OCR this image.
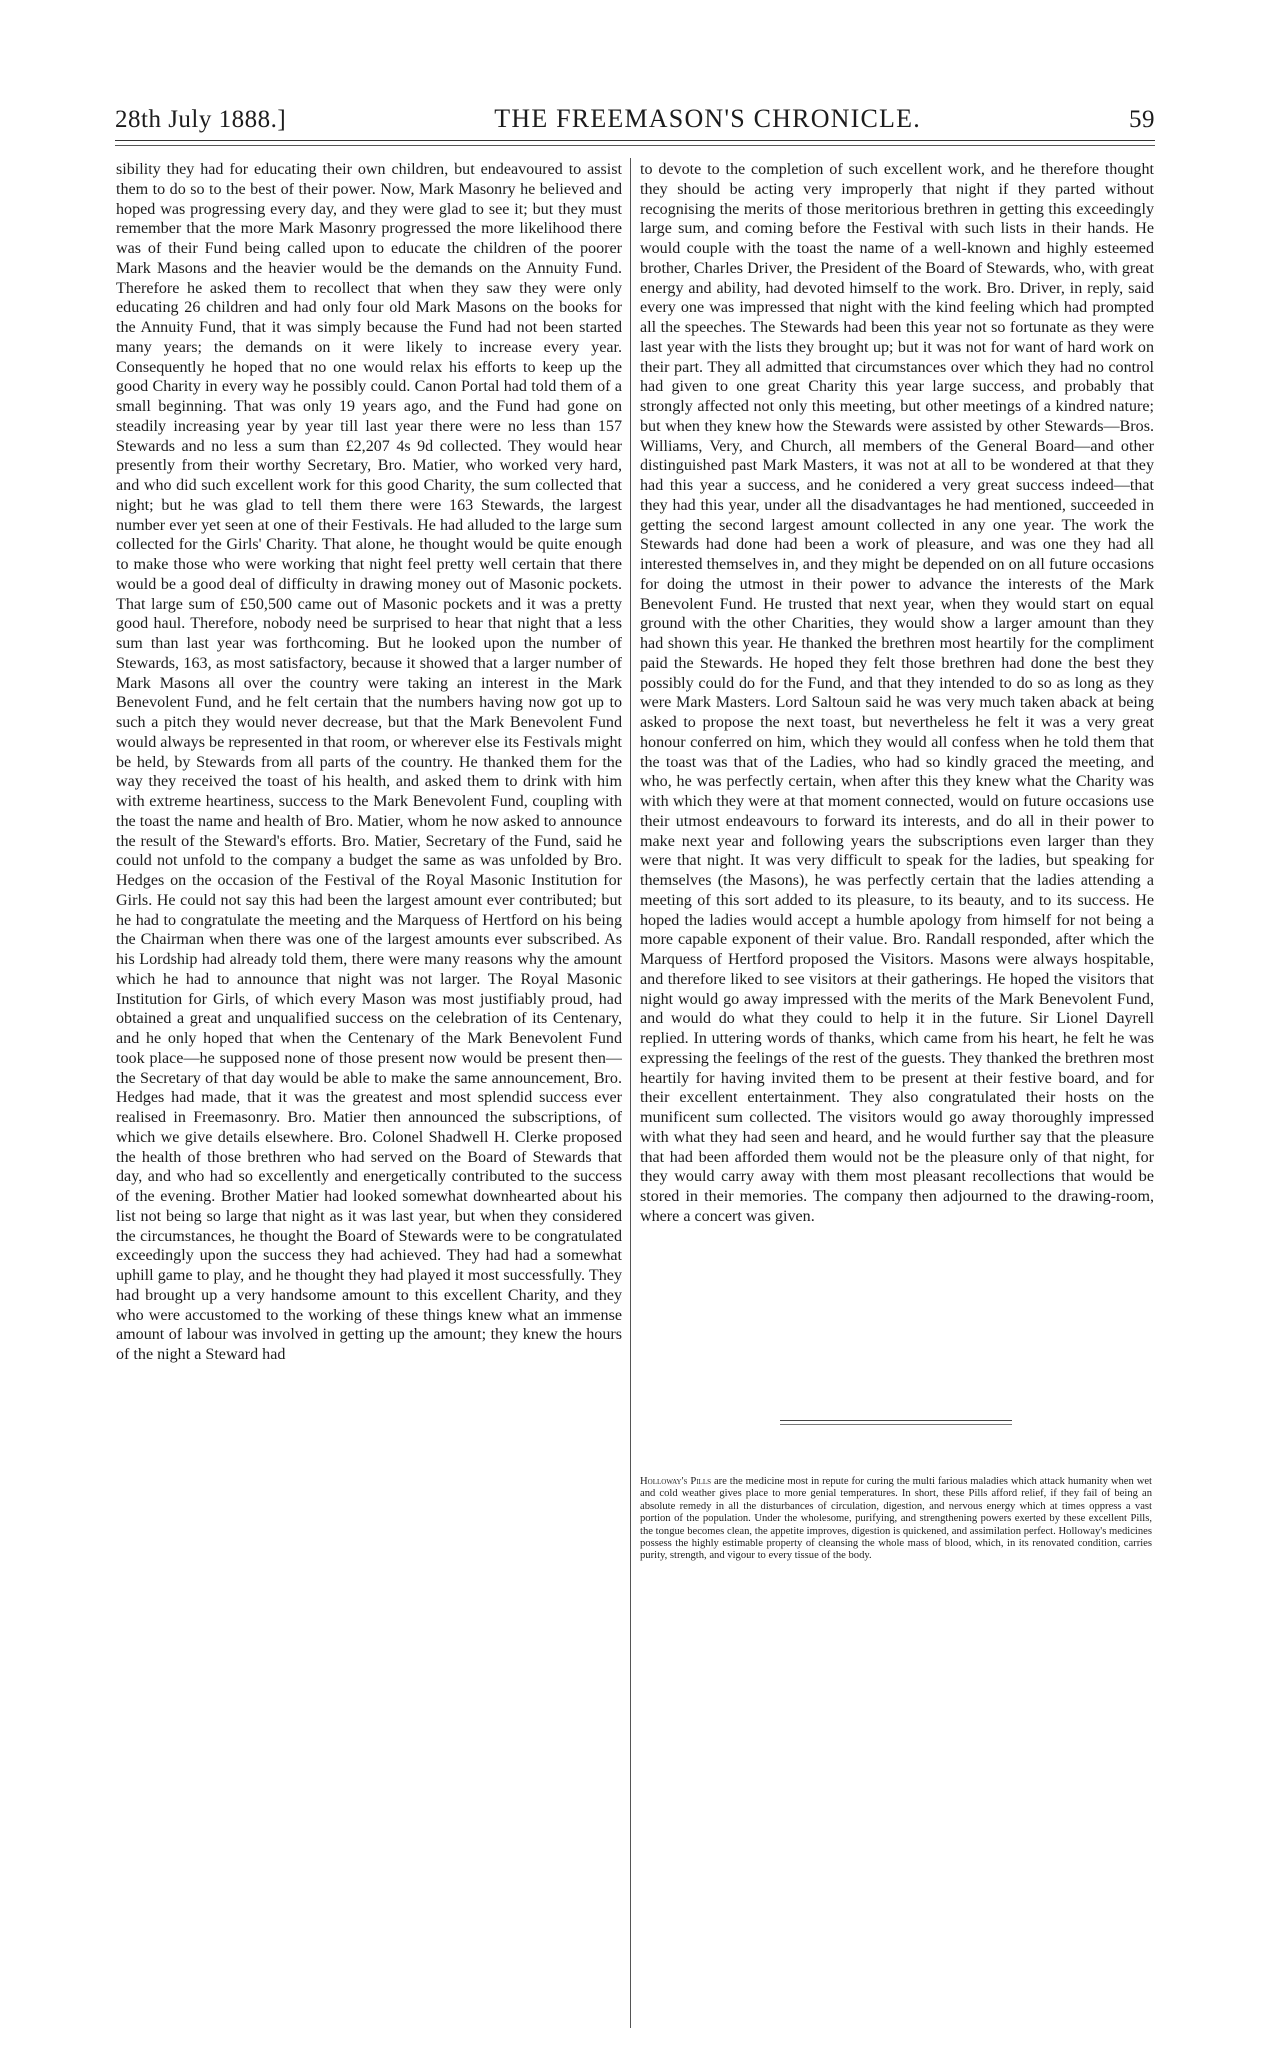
28th July 1888.]	THE FREEMASON'S CHRONICLE.	59

sibility they had for educating their own children, but endeavoured to assist them to do so to the best of their power. Now, Mark Masonry he believed and hoped was progressing every day, and they were glad to see it; but they must remember that the more Mark Masonry progressed the more likelihood there was of their Fund being called upon to educate the children of the poorer Mark Masons and the heavier would be the demands on the Annuity Fund. Therefore he asked them to recollect that when they saw they were only educating 26 children and had only four old Mark Masons on the books for the Annuity Fund, that it was simply because the Fund had not been started many years; the demands on it were likely to increase every year. Consequently he hoped that no one would relax his efforts to keep up the good Charity in every way he possibly could. Canon Portal had told them of a small beginning. That was only 19 years ago, and the Fund had gone on steadily increasing year by year till last year there were no less than 157 Stewards and no less a sum than £2,207 4s 9d collected. They would hear presently from their worthy Secretary, Bro. Matier, who worked very hard, and who did such excellent work for this good Charity, the sum collected that night; but he was glad to tell them there were 163 Stewards, the largest number ever yet seen at one of their Festivals. He had alluded to the large sum collected for the Girls' Charity. That alone, he thought would be quite enough to make those who were working that night feel pretty well certain that there would be a good deal of difficulty in drawing money out of Masonic pockets. That large sum of £50,500 came out of Masonic pockets and it was a pretty good haul. Therefore, nobody need be surprised to hear that night that a less sum than last year was forthcoming. But he looked upon the number of Stewards, 163, as most satisfactory, because it showed that a larger number of Mark Masons all over the country were taking an interest in the Mark Benevolent Fund, and he felt certain that the numbers having now got up to such a pitch they would never decrease, but that the Mark Benevolent Fund would always be represented in that room, or wherever else its Festivals might be held, by Stewards from all parts of the country. He thanked them for the way they received the toast of his health, and asked them to drink with him with extreme heartiness, success to the Mark Benevolent Fund, coupling with the toast the name and health of Bro. Matier, whom he now asked to announce the result of the Steward's efforts. Bro. Matier, Secretary of the Fund, said he could not unfold to the company a budget the same as was unfolded by Bro. Hedges on the occasion of the Festival of the Royal Masonic Institution for Girls. He could not say this had been the largest amount ever contributed; but he had to congratulate the meeting and the Marquess of Hertford on his being the Chairman when there was one of the largest amounts ever subscribed. As his Lordship had already told them, there were many reasons why the amount which he had to announce that night was not larger. The Royal Masonic Institution for Girls, of which every Mason was most justifiably proud, had obtained a great and unqualified success on the celebration of its Centenary, and he only hoped that when the Centenary of the Mark Benevolent Fund took place—he supposed none of those present now would be present then—the Secretary of that day would be able to make the same announcement, Bro. Hedges had made, that it was the greatest and most splendid success ever realised in Freemasonry. Bro. Matier then announced the subscriptions, of which we give details elsewhere. Bro. Colonel Shadwell H. Clerke proposed the health of those brethren who had served on the Board of Stewards that day, and who had so excellently and energetically contributed to the success of the evening. Brother Matier had looked somewhat downhearted about his list not being so large that night as it was last year, but when they considered the circumstances, he thought the Board of Stewards were to be congratulated exceedingly upon the success they had achieved. They had had a somewhat uphill game to play, and he thought they had played it most successfully. They had brought up a very handsome amount to this excellent Charity, and they who were accustomed to the working of these things knew what an immense amount of labour was involved in getting up the amount; they knew the hours of the night a Steward had

to devote to the completion of such excellent work, and he therefore thought they should be acting very improperly that night if they parted without recognising the merits of those meritorious brethren in getting this exceedingly large sum, and coming before the Festival with such lists in their hands. He would couple with the toast the name of a well-known and highly esteemed brother, Charles Driver, the President of the Board of Stewards, who, with great energy and ability, had devoted himself to the work. Bro. Driver, in reply, said every one was impressed that night with the kind feeling which had prompted all the speeches. The Stewards had been this year not so fortunate as they were last year with the lists they brought up; but it was not for want of hard work on their part. They all admitted that circumstances over which they had no control had given to one great Charity this year large success, and probably that strongly affected not only this meeting, but other meetings of a kindred nature; but when they knew how the Stewards were assisted by other Stewards—Bros. Williams, Very, and Church, all members of the General Board—and other distinguished past Mark Masters, it was not at all to be wondered at that they had this year a success, and he conidered a very great success indeed—that they had this year, under all the disadvantages he had mentioned, succeeded in getting the second largest amount collected in any one year. The work the Stewards had done had been a work of pleasure, and was one they had all interested themselves in, and they might be depended on on all future occasions for doing the utmost in their power to advance the interests of the Mark Benevolent Fund. He trusted that next year, when they would start on equal ground with the other Charities, they would show a larger amount than they had shown this year. He thanked the brethren most heartily for the compliment paid the Stewards. He hoped they felt those brethren had done the best they possibly could do for the Fund, and that they intended to do so as long as they were Mark Masters. Lord Saltoun said he was very much taken aback at being asked to propose the next toast, but nevertheless he felt it was a very great honour conferred on him, which they would all confess when he told them that the toast was that of the Ladies, who had so kindly graced the meeting, and who, he was perfectly certain, when after this they knew what the Charity was with which they were at that moment connected, would on future occasions use their utmost endeavours to forward its interests, and do all in their power to make next year and following years the subscriptions even larger than they were that night. It was very difficult to speak for the ladies, but speaking for themselves (the Masons), he was perfectly certain that the ladies attending a meeting of this sort added to its pleasure, to its beauty, and to its success. He hoped the ladies would accept a humble apology from himself for not being a more capable exponent of their value. Bro. Randall responded, after which the Marquess of Hertford proposed the Visitors. Masons were always hospitable, and therefore liked to see visitors at their gatherings. He hoped the visitors that night would go away impressed with the merits of the Mark Benevolent Fund, and would do what they could to help it in the future. Sir Lionel Dayrell replied. In uttering words of thanks, which came from his heart, he felt he was expressing the feelings of the rest of the guests. They thanked the brethren most heartily for having invited them to be present at their festive board, and for their excellent entertainment. They also congratulated their hosts on the munificent sum collected. The visitors would go away thoroughly impressed with what they had seen and heard, and he would further say that the pleasure that had been afforded them would not be the pleasure only of that night, for they would carry away with them most pleasant recollections that would be stored in their memories. The company then adjourned to the drawing-room, where a concert was given.

Holloway's Pills are the medicine most in repute for curing the multi farious maladies which attack humanity when wet and cold weather gives place to more genial temperatures. In short, these Pills afford relief, if they fail of being an absolute remedy in all the disturbances of circulation, digestion, and nervous energy which at times oppress a vast portion of the population. Under the wholesome, purifying, and strengthening powers exerted by these excellent Pills, the tongue becomes clean, the appetite improves, digestion is quickened, and assimilation perfect. Holloway's medicines possess the highly estimable property of cleansing the whole mass of blood, which, in its renovated condition, carries purity, strength, and vigour to every tissue of the body.
